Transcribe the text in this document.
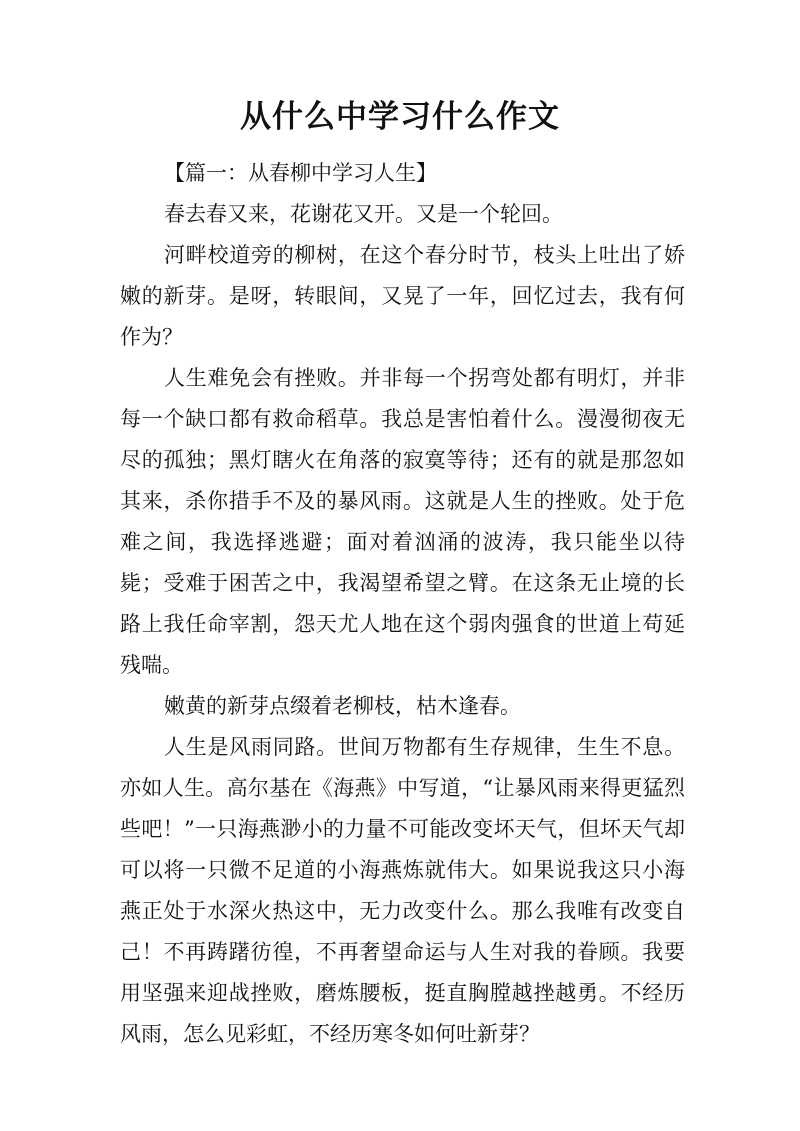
从什么中学习什么作文

【篇一：从春柳中学习人生】

春去春又来，花谢花又开。又是一个轮回。

河畔校道旁的柳树，在这个春分时节，枝头上吐出了娇嫩的新芽。是呀，转眼间，又晃了一年，回忆过去，我有何作为？

人生难免会有挫败。并非每一个拐弯处都有明灯，并非每一个缺口都有救命稻草。我总是害怕着什么。漫漫彻夜无尽的孤独；黑灯瞎火在角落的寂寞等待；还有的就是那忽如其来，杀你措手不及的暴风雨。这就是人生的挫败。处于危难之间，我选择逃避；面对着汹涌的波涛，我只能坐以待毙；受难于困苦之中，我渴望希望之臂。在这条无止境的长路上我任命宰割，怨天尤人地在这个弱肉强食的世道上苟延残喘。

嫩黄的新芽点缀着老柳枝，枯木逢春。

人生是风雨同路。世间万物都有生存规律，生生不息。亦如人生。高尔基在《海燕》中写道，“让暴风雨来得更猛烈些吧！”一只海燕渺小的力量不可能改变坏天气，但坏天气却可以将一只微不足道的小海燕炼就伟大。如果说我这只小海燕正处于水深火热这中，无力改变什么。那么我唯有改变自己！不再踌躇彷徨，不再奢望命运与人生对我的眷顾。我要用坚强来迎战挫败，磨炼腰板，挺直胸膛越挫越勇。不经历风雨，怎么见彩虹，不经历寒冬如何吐新芽？
